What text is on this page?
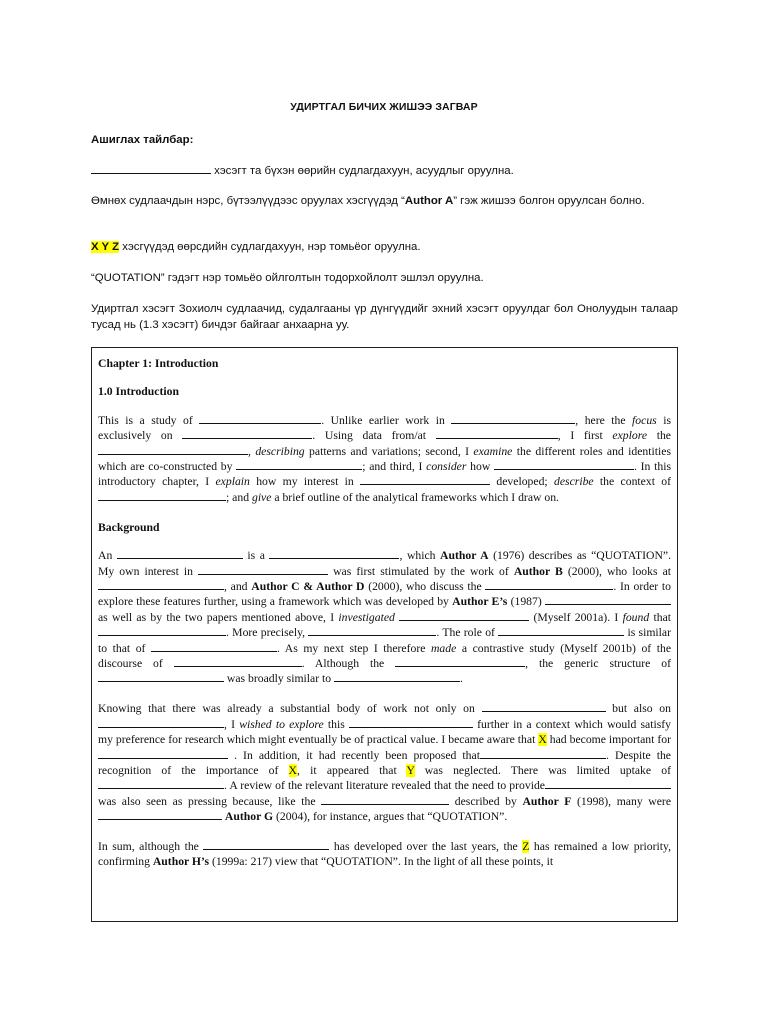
УДИРТГАЛ БИЧИХ ЖИШЭЭ ЗАГВАР
Ашиглах тайлбар:
хэсэгт та бүхэн өөрийн судлагдахуун, асуудлыг оруулна.
Өмнөх судлаачдын нэрс, бүтээлүүдээс оруулах хэсгүүдэд “Author A” гэж жишээ болгон оруулсан болно.
X Y Z хэсгүүдэд өөрсдийн судлагдахуун, нэр томьёог оруулна.
“QUOTATION” гэдэгт нэр томьёо ойлголтын тодорхойлолт эшлэл оруулна.
Удиртгал хэсэгт Зохиолч судлаачид, судалгааны үр дүнгүүдийг эхний хэсэгт оруулдаг бол Онолуудын талаар тусад нь (1.3 хэсэгт) бичдэг байгааг анхаарна уу.

Chapter 1: Introduction

1.0 Introduction

This is a study of	. Unlike earlier work in	, here the focus is exclusively on	. Using data from/at	, I first explore the , describing patterns and variations; second, I examine the different roles and identities which are co-constructed by	; and third, I consider how	. In this introductory chapter, I explain how my interest in	developed; describe the context of ; and give a brief outline of the analytical frameworks which I draw on.

Background

An	is a	, which Author A (1976) describes as “QUOTATION”. My own interest in	was first stimulated by the work of Author B (2000), who looks at , and Author C & Author D (2000), who discuss the	. In order to explore these features further, using a framework which was developed by Author E’s (1987)  as well as by the two papers mentioned above, I investigated	(Myself 2001a). I found that . More precisely,	. The role of	is similar to that of	. As my next step I therefore made a contrastive study (Myself 2001b) of the discourse of	. Although the	, the generic structure of  was broadly similar to	.

Knowing that there was already a substantial body of work not only on	but also on , I wished to explore this	further in a context which would satisfy my preference for research which might eventually be of practical value. I became aware that X had become important for . In addition, it had recently been proposed that	. Despite the recognition of the importance of X, it appeared that Y was neglected. There was limited uptake of . A review of the relevant literature revealed that the need to provide was also seen as pressing because, like the	described by Author F (1998), many were Author G (2004), for instance, argues that “QUOTATION”.

In sum, although the	has developed over the last years, the Z has remained a low priority, confirming Author H’s (1999a: 217) view that “QUOTATION”. In the light of all these points, it
